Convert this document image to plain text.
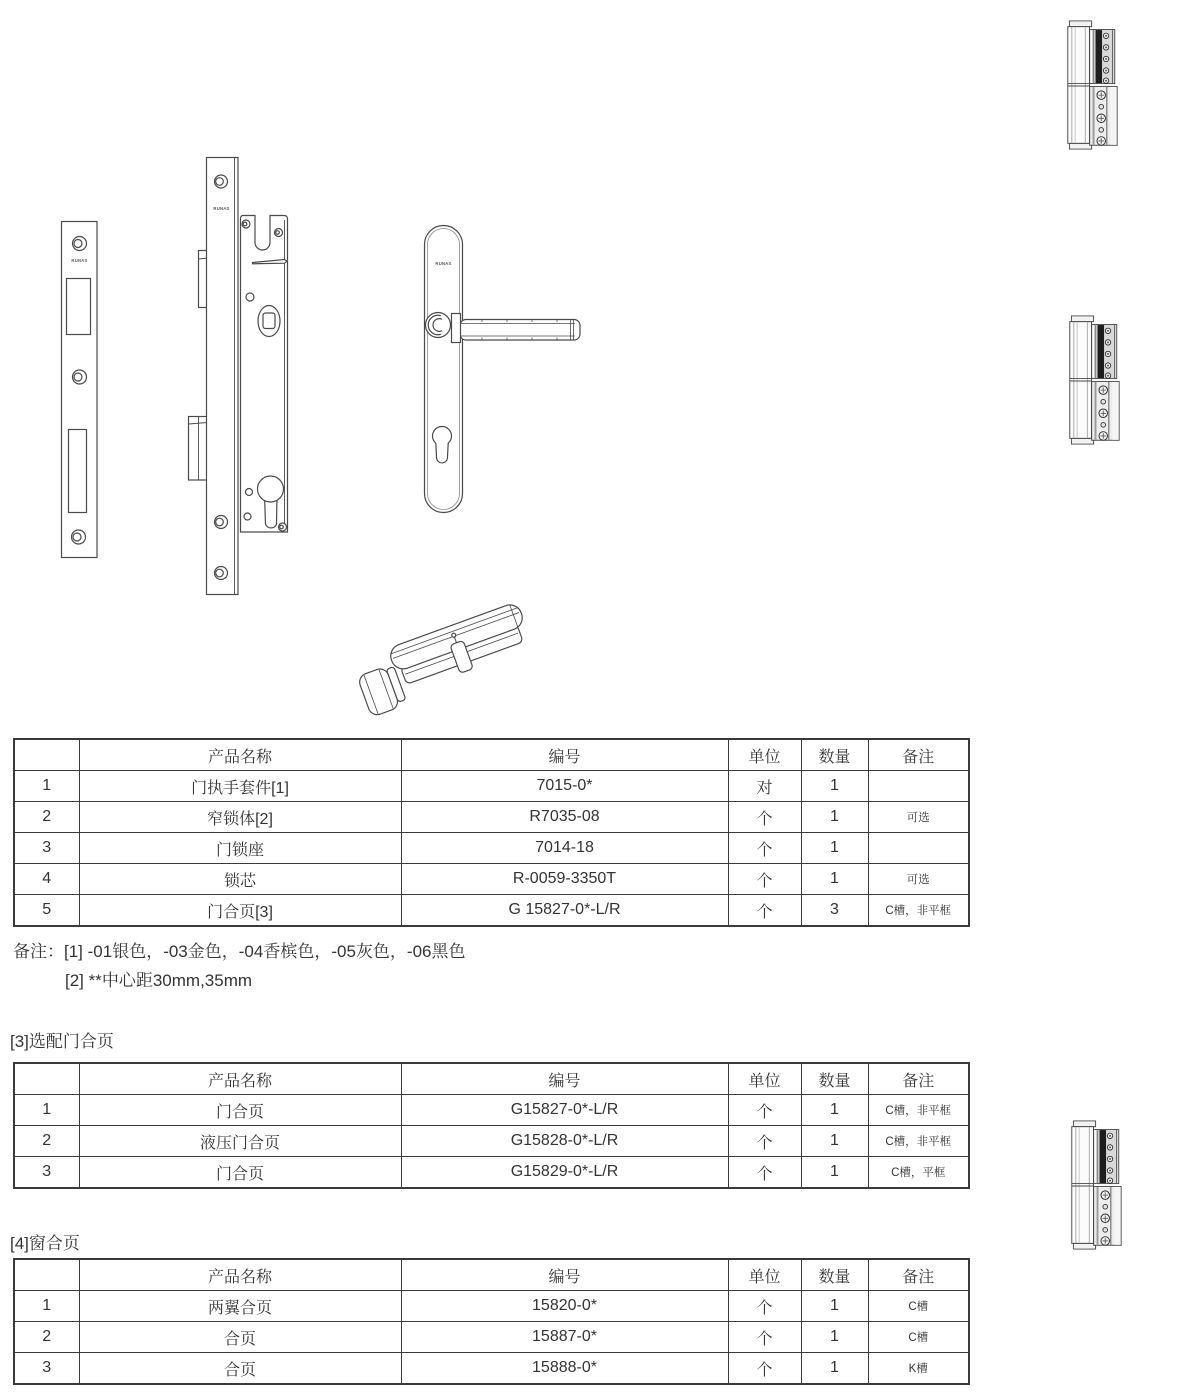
RUNAS
RUNAS
RUNAS
	产品名称	编号	单位	数量	备注
1	门执手套件[1]	7015-0*	对	1	
2	窄锁体[2]	R7035-08	个	1	可选
3	门锁座	7014-18	个	1	
4	锁芯	R-0059-3350T	个	1	可选
5	门合页[3]	G 15827-0*-L/R	个	3	C槽，非平框
备注：[1] -01银色，-03金色，-04香槟色，-05灰色，-06黑色
[2] **中心距30mm,35mm
[3]选配门合页
	产品名称	编号	单位	数量	备注
1	门合页	G15827-0*-L/R	个	1	C槽，非平框
2	液压门合页	G15828-0*-L/R	个	1	C槽，非平框
3	门合页	G15829-0*-L/R	个	1	C槽，平框
[4]窗合页
	产品名称	编号	单位	数量	备注
1	两翼合页	15820-0*	个	1	C槽
2	合页	15887-0*	个	1	C槽
3	合页	15888-0*	个	1	K槽
